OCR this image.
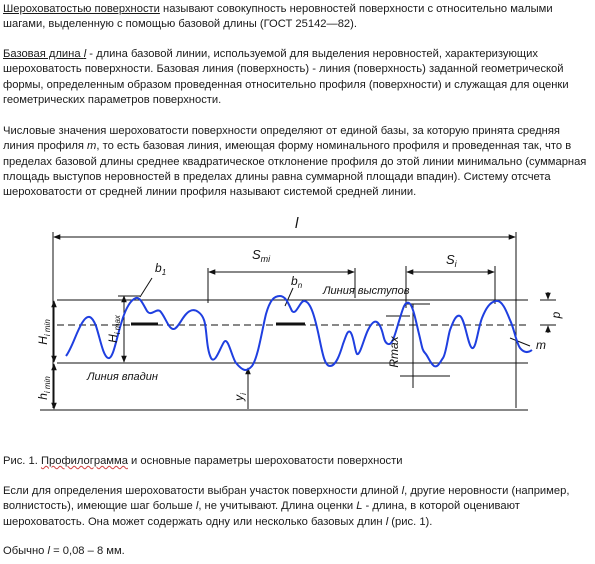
Шероховатостью поверхности называют совокупность неровностей поверхности с относительно малыми шагами, выделенную с помощью базовой длины (ГОСТ 25142—82).

Базовая длина l - длина базовой линии, используемой для выделения неровностей, характеризующих шероховатость поверхности. Базовая линия (поверхность) - линия (поверхность) заданной геометрической формы, определенным образом проведенная относительно профиля (поверхности) и служащая для оценки геометрических параметров поверхности.

Числовые значения шероховатости поверхности определяют от единой базы, за которую принята средняя линия профиля m, то есть базовая линия, имеющая форму номинального профиля и проведенная так, что в пределах базовой длины среднее квадратическое отклонение профиля до этой линии минимально (суммарная площадь выступов неровностей в пределах длины равна суммарной площади впадин). Систему отсчета шероховатости от средней линии профиля называют системой средней линии.

l
$S_{mi}$	$S_i$
$b_1$
$b_n$ Линия выступов
Линия впадин
m
p
$H_{i min}$
$H_{i max}$
$h_{i min}$
$y_i$
Rmax

Рис. 1. Профилограмма и основные параметры шероховатости поверхности

Если для определения шероховатости выбран участок поверхности длиной l, другие неровности (например, волнистость), имеющие шаг больше l, не учитывают. Длина оценки L - длина, в которой оценивают шероховатость. Она может содержать одну или несколько базовых длин l (рис. 1).

Обычно l = 0,08 – 8 мм.
